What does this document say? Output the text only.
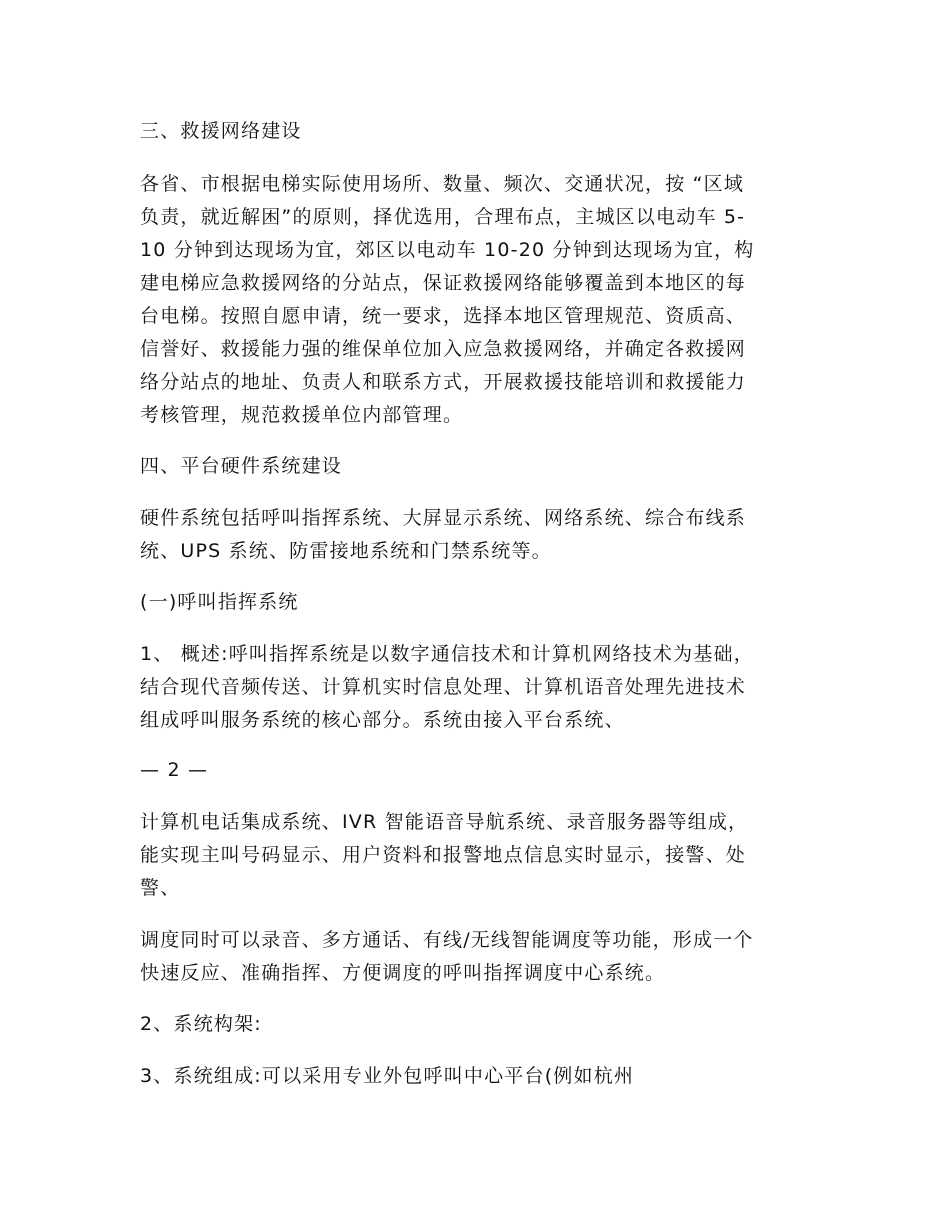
三、救援网络建设

各省、市根据电梯实际使用场所、数量、频次、交通状况，按 “区域
负责，就近解困”的原则，择优选用，合理布点，主城区以电动车 5-
10 分钟到达现场为宜，郊区以电动车 10-20 分钟到达现场为宜，构
建电梯应急救援网络的分站点，保证救援网络能够覆盖到本地区的每
台电梯。按照自愿申请，统一要求，选择本地区管理规范、资质高、
信誉好、救援能力强的维保单位加入应急救援网络，并确定各救援网
络分站点的地址、负责人和联系方式，开展救援技能培训和救援能力
考核管理，规范救援单位内部管理。

四、平台硬件系统建设

硬件系统包括呼叫指挥系统、大屏显示系统、网络系统、综合布线系
统、UPS 系统、防雷接地系统和门禁系统等。

(一)呼叫指挥系统

1、 概述:呼叫指挥系统是以数字通信技术和计算机网络技术为基础，
结合现代音频传送、计算机实时信息处理、计算机语音处理先进技术
组成呼叫服务系统的核心部分。系统由接入平台系统、

— 2 —

计算机电话集成系统、IVR 智能语音导航系统、录音服务器等组成，
能实现主叫号码显示、用户资料和报警地点信息实时显示，接警、处
警、

调度同时可以录音、多方通话、有线/无线智能调度等功能，形成一个
快速反应、准确指挥、方便调度的呼叫指挥调度中心系统。

2、系统构架:

3、系统组成:可以采用专业外包呼叫中心平台(例如杭州
